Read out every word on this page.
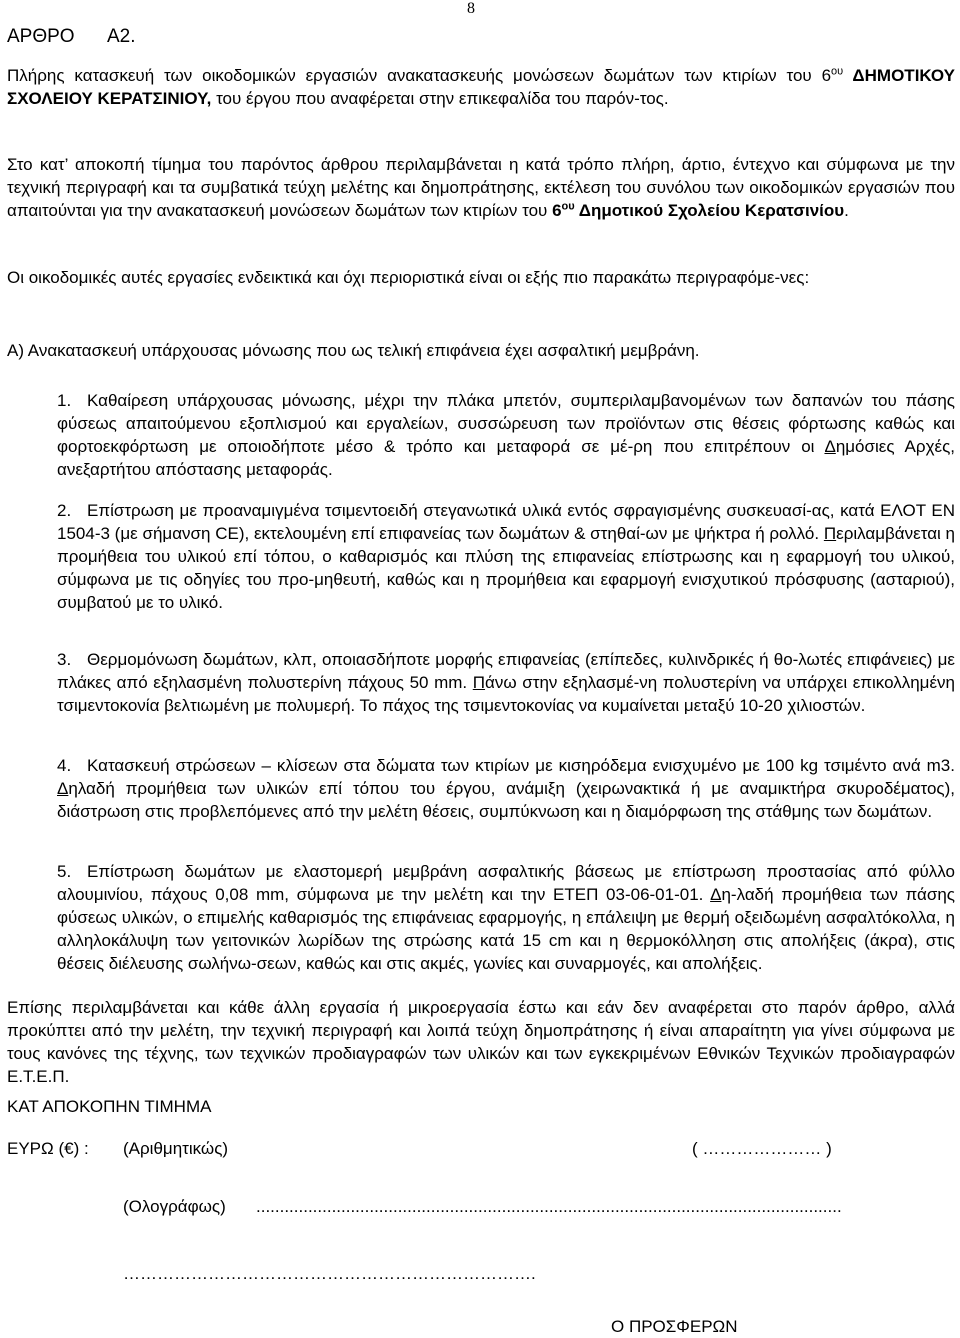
8
ΑΡΘΡΟ Α2.

Πλήρης κατασκευή των οικοδομικών εργασιών ανακατασκευής μονώσεων δωμάτων των κτιρίων του $6^{o\upsilon}$ ΔΗΜΟΤΙΚΟΥ ΣΧΟΛΕΙΟΥ ΚΕΡΑΤΣΙΝΙΟΥ, του έργου που αναφέρεται στην επικεφαλίδα του παρόν-τος.

Στο κατ’ αποκοπή τίμημα του παρόντος άρθρου περιλαμβάνεται η κατά τρόπο πλήρη, άρτιο, έντεχνο και σύμφωνα με την τεχνική περιγραφή και τα συμβατικά τεύχη μελέτης και δημοπράτησης, εκτέλεση του συνόλου των οικοδομικών εργασιών που απαιτούνται για την ανακατασκευή μονώσεων δωμάτων των κτιρίων του $6^{o\upsilon}$ Δημοτικού Σχολείου Κερατσινίου.

Οι οικοδομικές αυτές εργασίες ενδεικτικά και όχι περιοριστικά είναι οι εξής πιο παρακάτω περιγραφόμε-νες:

Α) Ανακατασκευή υπάρχουσας μόνωσης που ως τελική επιφάνεια έχει ασφαλτική μεμβράνη.

1. Καθαίρεση υπάρχουσας μόνωσης, μέχρι την πλάκα μπετόν, συμπεριλαμβανομένων των δαπανών του πάσης φύσεως απαιτούμενου εξοπλισμού και εργαλείων, συσσώρευση των προϊόντων στις θέσεις φόρτωσης καθώς και φορτοεκφόρτωση με οποιοδήποτε μέσο & τρόπο και μεταφορά σε μέ-ρη που επιτρέπουν οι Δημόσιες Αρχές, ανεξαρτήτου απόστασης μεταφοράς.

2. Επίστρωση με προαναμιγμένα τσιμεντοειδή στεγανωτικά υλικά εντός σφραγισμένης συσκευασί-ας, κατά ΕΛΟΤ ΕΝ 1504-3 (με σήμανση CE), εκτελουμένη επί επιφανείας των δωμάτων & στηθαί-ων με ψήκτρα ή ρολλό. Περιλαμβάνεται η προμήθεια του υλικού επί τόπου, ο καθαρισμός και πλύση της επιφανείας επίστρωσης και η εφαρμογή του υλικού, σύμφωνα με τις οδηγίες του προ-μηθευτή, καθώς και η προμήθεια και εφαρμογή ενισχυτικού πρόσφυσης (ασταριού), συμβατού με το υλικό.

3. Θερμομόνωση δωμάτων, κλπ, οποιασδήποτε μορφής επιφανείας (επίπεδες, κυλινδρικές ή θο-λωτές επιφάνειες) με πλάκες από εξηλασμένη πολυστερίνη πάχους 50 mm. Πάνω στην εξηλασμέ-νη πολυστερίνη να υπάρχει επικολλημένη τσιμεντοκονία βελτιωμένη με πολυμερή. Το πάχος της τσιμεντοκονίας να κυμαίνεται μεταξύ 10-20 χιλιοστών.

4. Κατασκευή στρώσεων – κλίσεων στα δώματα των κτιρίων με κισηρόδεμα ενισχυμένο με 100 kg τσιμέντο ανά m3. Δηλαδή προμήθεια των υλικών επί τόπου του έργου, ανάμιξη (χειρωνακτικά ή με αναμικτήρα σκυροδέματος), διάστρωση στις προβλεπόμενες από την μελέτη θέσεις, συμπύκνωση και η διαμόρφωση της στάθμης των δωμάτων.

5. Επίστρωση δωμάτων με ελαστομερή μεμβράνη ασφαλτικής βάσεως με επίστρωση προστασίας από φύλλο αλουμινίου, πάχους 0,08 mm, σύμφωνα με την μελέτη και την ΕΤΕΠ 03-06-01-01. Δη-λαδή προμήθεια των πάσης φύσεως υλικών, ο επιμελής καθαρισμός της επιφάνειας εφαρμογής, η επάλειψη με θερμή οξειδωμένη ασφαλτόκολλα, η αλληλοκάλυψη των γειτονικών λωρίδων της στρώσης κατά 15 cm και η θερμοκόλληση στις απολήξεις (άκρα), στις θέσεις διέλευσης σωλήνω-σεων, καθώς και στις ακμές, γωνίες και συναρμογές, και απολήξεις.

Επίσης περιλαμβάνεται και κάθε άλλη εργασία ή μικροεργασία έστω και εάν δεν αναφέρεται στο παρόν άρθρο, αλλά προκύπτει από την μελέτη, την τεχνική περιγραφή και λοιπά τεύχη δημοπράτησης ή είναι απαραίτητη για γίνει σύμφωνα με τους κανόνες της τέχνης, των τεχνικών προδιαγραφών των υλικών και των εγκεκριμένων Εθνικών Τεχνικών προδιαγραφών Ε.Τ.Ε.Π.

ΚΑΤ ΑΠΟΚΟΠΗΝ ΤΙΜΗΜΑ
ΕΥΡΩ (€) : (Αριθμητικώς)	( ………………… )
(Ολογράφως) ............................................................................................................................
……………………………………………………………….
Ο ΠΡΟΣΦΕΡΩΝ
